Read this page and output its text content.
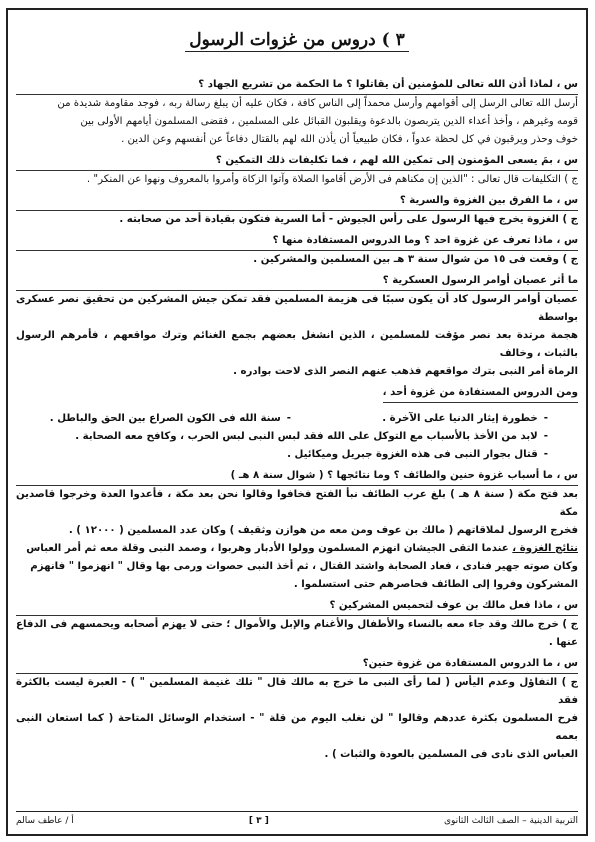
٣ ) دروس من غزوات الرسول
س ، لماذا أذن الله تعالى للمؤمنين أن يقاتلوا ؟ ما الحكمة من تشريع الجهاد ؟

أرسل الله تعالى الرسل إلى أقوامهم وأرسل محمداً إلى الناس كافة ، فكان عليه أن يبلغ رسالة ربه ، فوجد مقاومة شديدة من

قومه وغيرهم ، وأخذ أعداء الدين يتربصون بالدعوة ويقلبون القبائل على المسلمين ، فقضى المسلمون أيامهم الأولى بين

خوف وحذر ويرقبون في كل لحظة عدواً ، فكان طبيعياً أن يأذن الله لهم بالقتال دفاعاً عن أنفسهم وعن الدين .

س ، بمَ يسعى المؤمنون إلى تمكين الله لهم ، فما تكليفات ذلك التمكين ؟

ج ) التكليفات قال تعالى : "الذين إن مكناهم فى الأرض أقاموا الصلاة وآتوا الزكاة وأمروا بالمعروف ونهوا عن المنكر" .

س ، ما الفرق بين الغزوة والسرية ؟

ج ) الغزوة يخرج فيها الرسول على رأس الجيوش - أما السرية فتكون بقيادة أحد من صحابته .

س ، ماذا تعرف عن غزوة احد ؟ وما الدروس المستفادة منها ؟

ج ) وقعت فى ١٥ من شوال سنة ٣ هـ بين المسلمين والمشركين .

ما أثر عصيان أوامر الرسول العسكرية ؟

عصيان أوامر الرسول كاد أن يكون سببًا فى هزيمة المسلمين فقد تمكن جيش المشركين من تحقيق نصر عسكرى بواسطة

هجمة مرتدة بعد نصر مؤقت للمسلمين ، الذين انشغل بعضهم بجمع الغنائم وترك مواقعهم ، فأمرهم الرسول بالثبات ، وخالف

الرماة أمر النبى بترك مواقعهم فذهب عنهم النصر الذى لاحت بوادره .

ومن الدروس المستفادة من غزوة أحد ،
-
خطورة إيثار الدنيا على الآخرة .
-
سنة الله فى الكون الصراع بين الحق والباطل .
-
لابد من الأخذ بالأسباب مع التوكل على الله فقد لبس النبى لبس الحرب ، وكافح معه الصحابة .
-
قتال بجوار النبى فى هذه الغزوة جبريل وميكائيل .
س ، ما أسباب غزوة حنين والطائف ؟ وما نتائجها ؟ ( شوال سنة ٨ هـ )

بعد فتح مكة ( سنة ٨ هـ ) بلغ عرب الطائف نبأ الفتح فخافوا وقالوا نحن بعد مكة ، فأعدوا العدة وخرجوا قاصدين مكة

فخرج الرسول لملاقاتهم ( مالك بن عوف ومن معه من هوازن وثقيف ) وكان عدد المسلمين ( ١٢٠٠٠ ) .

نتائج الغزوة ، عندما التقى الجيشان انهزم المسلمون وولوا الأدبار وهربوا ، وصمد النبى وقلة معه ثم أمر العباس

وكان صوته جهير فنادى ، فعاد الصحابة واشتد القتال ، ثم أخذ النبى حصوات ورمى بها وقال " انهزموا " فانهزم

المشركون وفروا إلى الطائف فحاصرهم حتى استسلموا .

س ، ماذا فعل مالك بن عوف لتحميس المشركين ؟

ج ) خرج مالك وقد جاء معه بالنساء والأطفال والأغنام والإبل والأموال ؛ حتى لا يهزم أصحابه ويحمسهم فى الدفاع عنها .

س ، ما الدروس المستفادة من غزوة حنين؟

ج ) التفاؤل وعدم اليأس ( لما رأى النبى ما خرج به مالك قال " تلك غنيمة المسلمين " ) - العبرة ليست بالكثرة فقد

فرح المسلمون بكثرة عددهم وقالوا " لن نغلب اليوم من قلة " - استخدام الوسائل المتاحة ( كما استعان النبى بعمه

العباس الذى نادى فى المسلمين بالعودة والثبات ) .

التربية الدينية – الصف الثالث الثانوى
[ ٣ ]
أ / عاطف سالم
